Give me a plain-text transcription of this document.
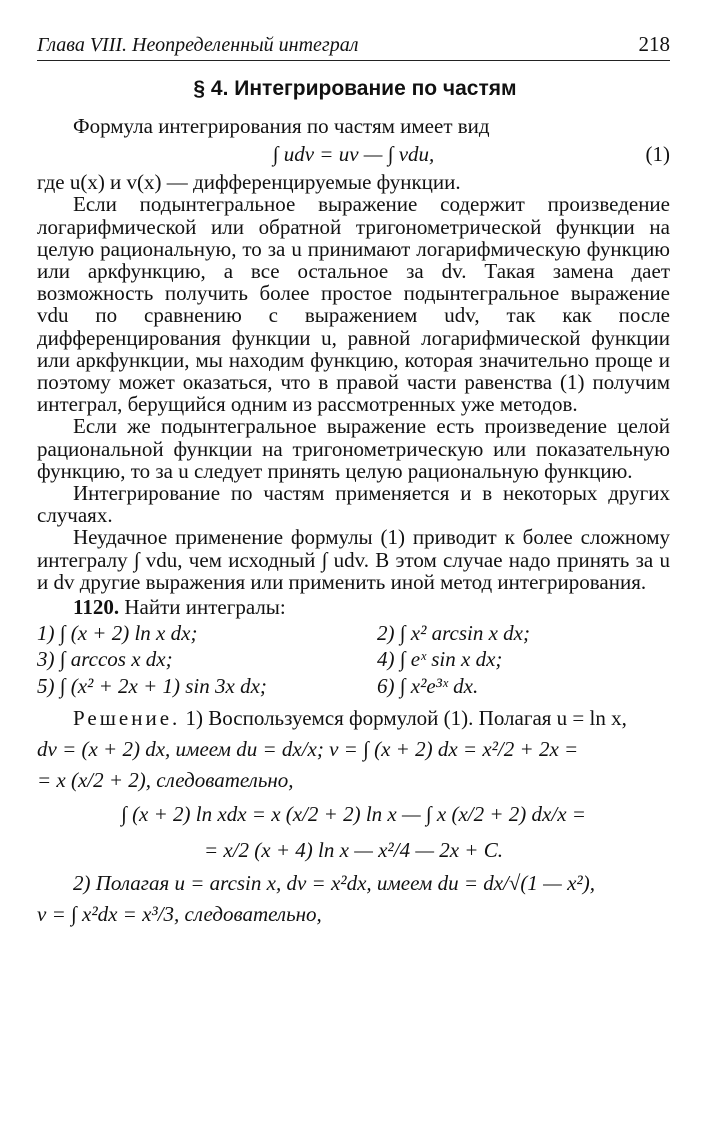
Глава VIII. Неопределенный интеграл	218
§ 4. Интегрирование по частям

Формула интегрирования по частям имеет вид

∫ udv = uv — ∫ vdu,	(1)

где u(x) и v(x) — дифференцируемые функции.

Если подынтегральное выражение содержит произведение логарифмической или обратной тригонометрической функции на целую рациональную, то за u принимают логарифмическую функцию или аркфункцию, а все остальное за dv. Такая замена дает возможность получить более простое подынтегральное выражение vdu по сравнению с выражением udv, так как после дифференцирования функции u, равной логарифмической функции или аркфункции, мы находим функцию, которая значительно проще и поэтому может оказаться, что в правой части равенства (1) получим интеграл, берущийся одним из рассмотренных уже методов.

Если же подынтегральное выражение есть произведение целой рациональной функции на тригонометрическую или показательную функцию, то за u следует принять целую рациональную функцию.

Интегрирование по частям применяется и в некоторых других случаях.

Неудачное применение формулы (1) приводит к более сложному интегралу ∫ vdu, чем исходный ∫ udv. В этом случае надо принять за u и dv другие выражения или применить иной метод интегрирования.

1120. Найти интегралы:

1) ∫ (x + 2) ln x dx;	2) ∫ x² arcsin x dx;
3) ∫ arccos x dx;	4) ∫ eˣ sin x dx;
5) ∫ (x² + 2x + 1) sin 3x dx;	6) ∫ x²e³ˣ dx.

Решение. 1) Воспользуемся формулой (1). Полагая u = ln x,

dv = (x + 2) dx, имеем du = dx/x; v = ∫ (x + 2) dx = x²/2 + 2x =

= x (x/2 + 2), следовательно,

∫ (x + 2) ln xdx = x (x/2 + 2) ln x — ∫ x (x/2 + 2) dx/x =
= x/2 (x + 4) ln x — x²/4 — 2x + C.

2) Полагая u = arcsin x, dv = x²dx, имеем du = dx/√(1 — x²),

v = ∫ x²dx = x³/3, следовательно,
